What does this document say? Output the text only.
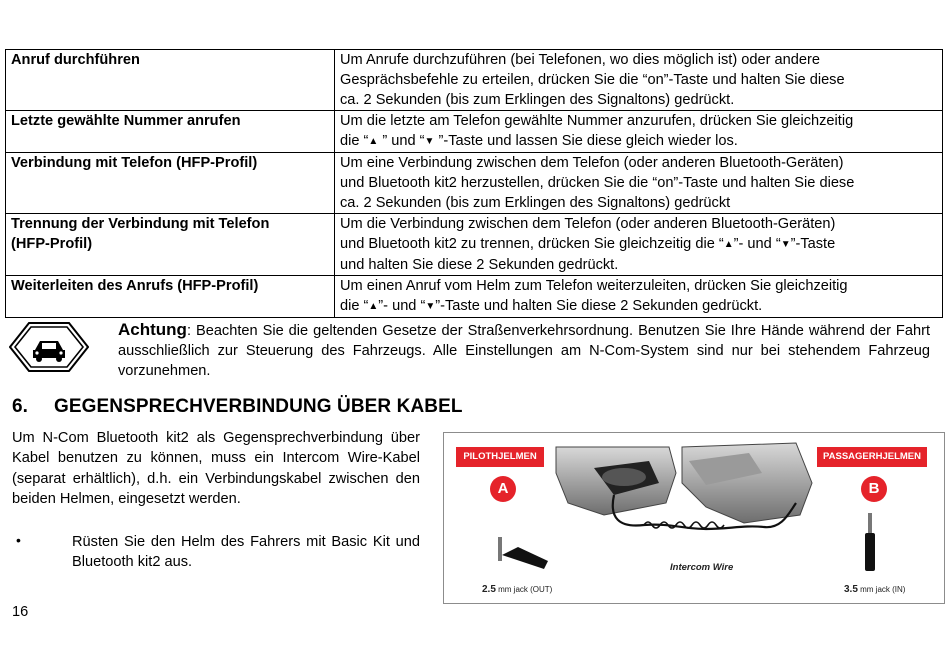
Anruf durchführen	Um Anrufe durchzuführen (bei Telefonen, wo dies möglich ist) oder andere
Gesprächsbefehle zu erteilen, drücken Sie die “on”-Taste und halten Sie diese
ca. 2 Sekunden (bis zum Erklingen des Signaltons) gedrückt.
Letzte gewählte Nummer anrufen	Um die letzte am Telefon gewählte Nummer anzurufen, drücken Sie gleichzeitig
die “▲ ” und “▼ ”-Taste und lassen Sie diese gleich wieder los.
Verbindung mit Telefon (HFP-Profil)	Um eine Verbindung zwischen dem Telefon (oder anderen Bluetooth-Geräten)
und Bluetooth kit2 herzustellen, drücken Sie die “on”-Taste und halten Sie diese
ca. 2 Sekunden (bis zum Erklingen des Signaltons) gedrückt
Trennung der Verbindung mit Telefon
(HFP-Profil)	Um die Verbindung zwischen dem Telefon (oder anderen Bluetooth-Geräten)
und Bluetooth kit2 zu trennen, drücken Sie gleichzeitig die “▲”- und “▼”-Taste
und halten Sie diese 2 Sekunden gedrückt.
Weiterleiten des Anrufs (HFP-Profil)	Um einen Anruf vom Helm zum Telefon weiterzuleiten, drücken Sie gleichzeitig
die “▲”- und “▼”-Taste und halten Sie diese 2 Sekunden gedrückt.
Achtung: Beachten Sie die geltenden Gesetze der Straßenverkehrsordnung. Benutzen Sie Ihre Hände während der Fahrt ausschließlich zur Steuerung des Fahrzeugs. Alle Einstellungen am N-Com-System sind nur bei stehendem Fahrzeug vorzunehmen.
6. GEGENSPRECHVERBINDUNG ÜBER KABEL
Um N-Com Bluetooth kit2 als Gegensprechverbindung über Kabel benutzen zu können, muss ein Intercom Wire-Kabel (separat erhältlich), d.h. ein Verbindungskabel zwischen den beiden Helmen, eingesetzt werden.
•	Rüsten Sie den Helm des Fahrers mit Basic Kit und Bluetooth kit2 aus.
PILOTHJELMEN	PASSAGERHJELMEN
A	B
Intercom Wire
2.5 mm jack (OUT)	3.5 mm jack (IN)
16
